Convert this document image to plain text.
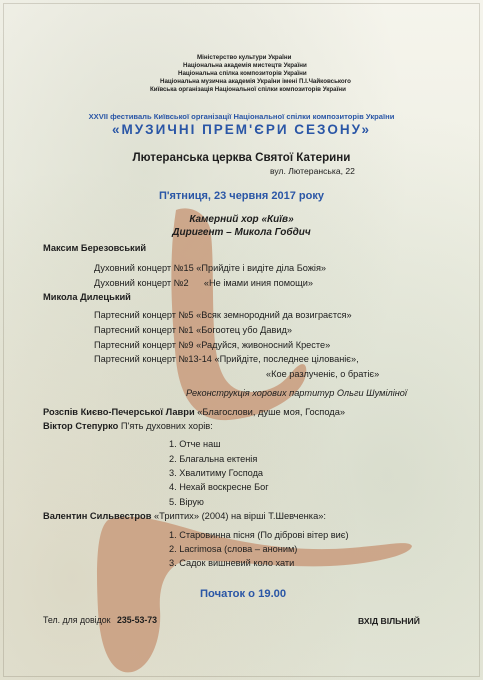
Міністерство культури України
Національна академія мистецтв України
Національна спілка композиторів України
Національна музична академія України імені П.І.Чайковського
Київська організація Національної спілки композиторів України
XXVII фестиваль Київської організації Національної спілки композиторів України
«МУЗИЧНІ ПРЕМ'ЄРИ СЕЗОНУ»
Лютеранська церква Святої Катерини
вул. Лютеранська, 22
П'ятниця, 23 червня 2017 року
Камерний хор «Київ»
Диригент – Микола Гобдич
Максим Березовський
Духовний концерт №15 «Прийдіте і видіте діла Божія»
Духовний концерт №2      «Не імами иния помощи»
Микола Дилецький
Партесний концерт №5 «Всяк земнородний да возиграєтся»
Партесний концерт №1 «Богоотец убо Давид»
Партесний концерт №9 «Радуйся, живоносний Кресте»
Партесний концерт №13-14 «Прийдіте, последнее цілованіє»,
«Кое разлученіє, о братіє»
Реконструкція хорових партитур Ольги Шуміліної
Розспів Києво-Печерської Лаври «Благослови, душе моя, Господа»
Віктор Степурко П'ять духовних хорів:
1. Отче наш
2. Благальна ектенія
3. Хвалитиму Господа
4. Нехай воскресне Бог
5. Вірую
Валентин Сильвестров «Триптих» (2004) на вірші Т.Шевченка»:
1. Старовинна пісня (По діброві вітер виє)
2. Lacrimosa (слова – аноним)
3. Садок вишневий коло хати
Початок о 19.00
Тел. для довідок 235-53-73	ВХІД ВІЛЬНИЙ
